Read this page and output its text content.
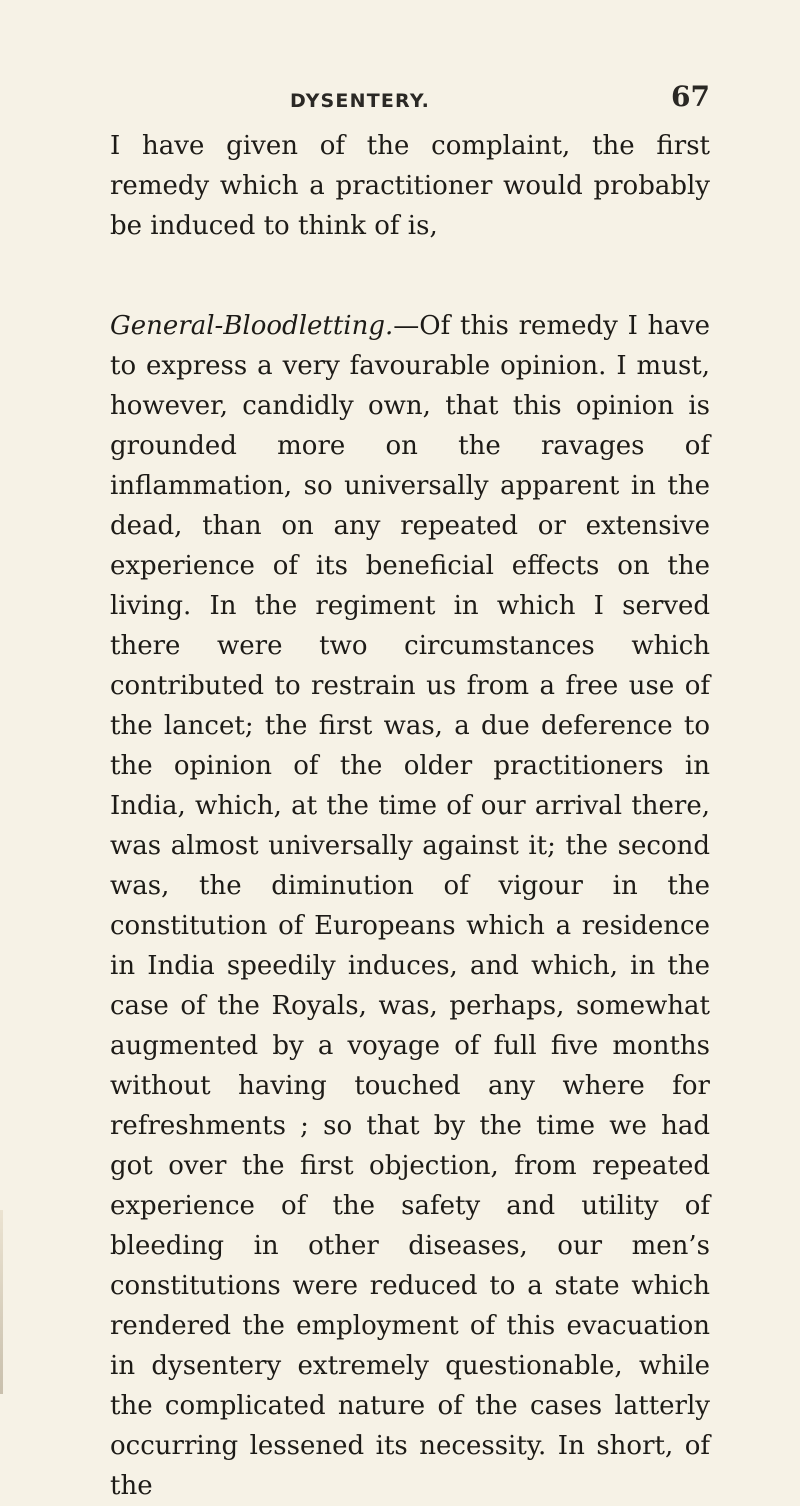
DYSENTERY.	67

I have given of the complaint, the first remedy which a practitioner would probably be induced to think of is,

General-Bloodletting.—Of this remedy I have to express a very favourable opinion. I must, however, candidly own, that this opinion is grounded more on the ravages of inflammation, so universally apparent in the dead, than on any repeated or extensive experience of its beneficial effects on the living. In the regiment in which I served there were two circumstances which contributed to restrain us from a free use of the lancet; the first was, a due deference to the opinion of the older practitioners in India, which, at the time of our arrival there, was almost universally against it; the second was, the diminution of vigour in the constitution of Europeans which a residence in India speedily induces, and which, in the case of the Royals, was, perhaps, somewhat augmented by a voyage of full five months without having touched any where for refreshments ; so that by the time we had got over the first objection, from repeated experience of the safety and utility of bleeding in other diseases, our men’s constitutions were reduced to a state which rendered the employment of this evacuation in dysentery extremely questionable, while the complicated nature of the cases latterly occurring lessened its necessity. In short, of the
